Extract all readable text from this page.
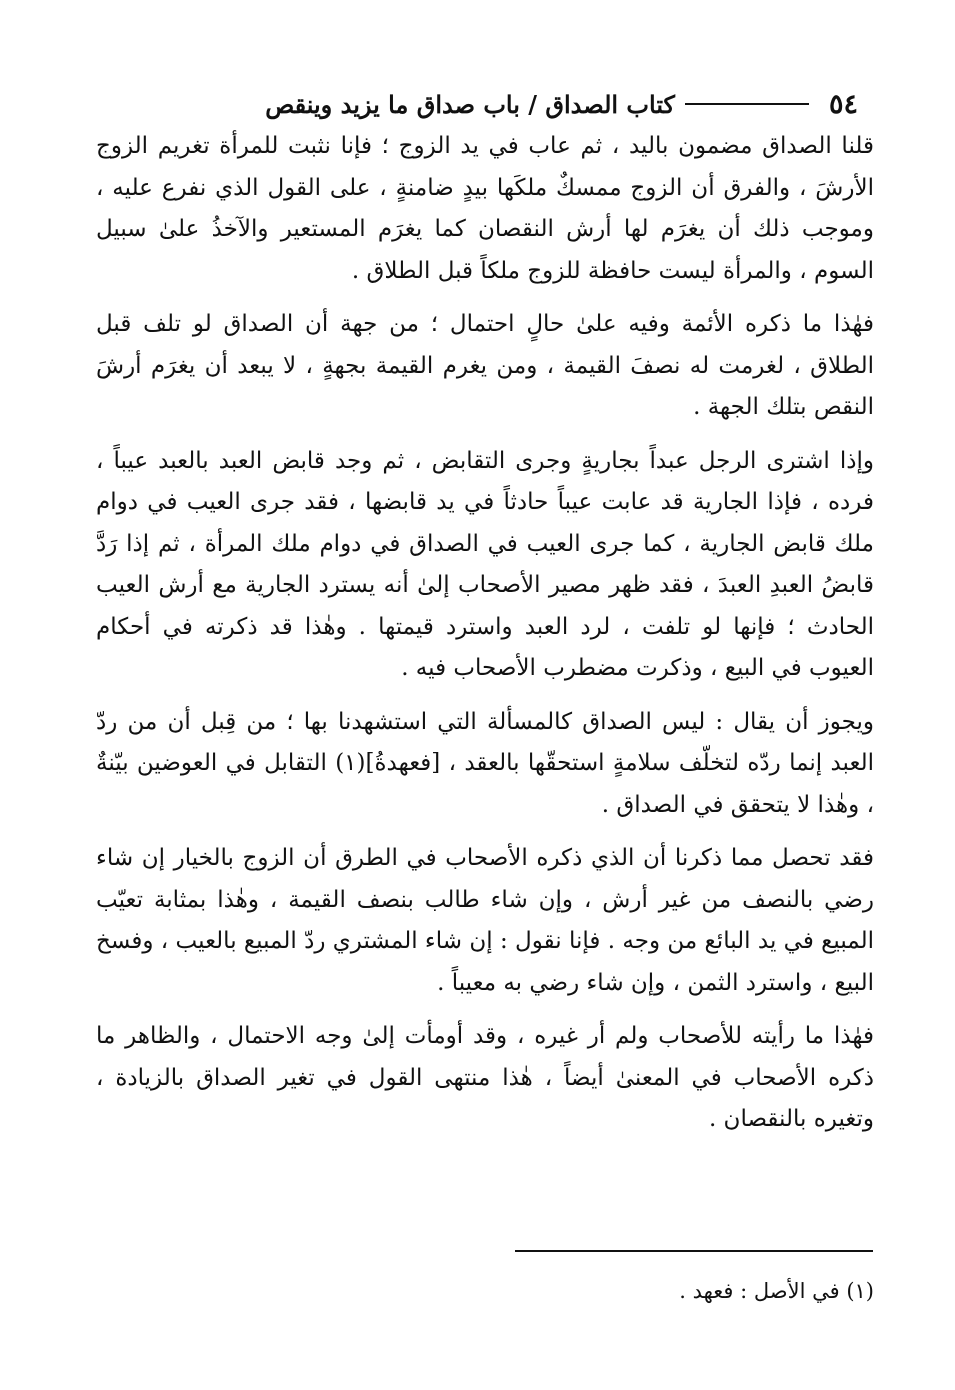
٥٤
كتاب الصداق / باب صداق ما يزيد وينقص

قلنا الصداق مضمون باليد ، ثم عاب في يد الزوج ؛ فإنا نثبت للمرأة تغريم الزوج الأرشَ ، والفرق أن الزوج ممسكٌ ملكَها بيدٍ ضامنةٍ ، على القول الذي نفرع عليه ، وموجب ذلك أن يغرَم لها أرش النقصان كما يغرَم المستعير والآخذُ علىٰ سبيل السوم ، والمرأة ليست حافظة للزوج ملكاً قبل الطلاق .

فهٰذا ما ذكره الأئمة وفيه علىٰ حالٍ احتمال ؛ من جهة أن الصداق لو تلف قبل الطلاق ، لغرمت له نصفَ القيمة ، ومن يغرم القيمة بجهةٍ ، لا يبعد أن يغرَم أرشَ النقص بتلك الجهة .

وإذا اشترى الرجل عبداً بجاريةٍ وجرى التقابض ، ثم وجد قابض العبد بالعبد عيباً ، فرده ، فإذا الجارية قد عابت عيباً حادثاً في يد قابضها ، فقد جرى العيب في دوام ملك قابض الجارية ، كما جرى العيب في الصداق في دوام ملك المرأة ، ثم إذا رَدَّ قابضُ العبدِ العبدَ ، فقد ظهر مصير الأصحاب إلىٰ أنه يسترد الجارية مع أرش العيب الحادث ؛ فإنها لو تلفت ، لرد العبد واسترد قيمتها . وهٰذا قد ذكرته في أحكام العيوب في البيع ، وذكرت مضطرب الأصحاب فيه .

ويجوز أن يقال : ليس الصداق كالمسألة التي استشهدنا بها ؛ من قِبل أن من ردّ العبد إنما ردّه لتخلّف سلامةٍ استحقّها بالعقد ، [فعهدةُ](١) التقابل في العوضين بيّنةٌ ، وهٰذا لا يتحقق في الصداق .

فقد تحصل مما ذكرنا أن الذي ذكره الأصحاب في الطرق أن الزوج بالخيار إن شاء رضي بالنصف من غير أرش ، وإن شاء طالب بنصف القيمة ، وهٰذا بمثابة تعيّب المبيع في يد البائع من وجه . فإنا نقول : إن شاء المشتري ردّ المبيع بالعيب ، وفسخ البيع ، واسترد الثمن ، وإن شاء رضي به معيباً .

فهٰذا ما رأيته للأصحاب ولم أر غيره ، وقد أومأت إلىٰ وجه الاحتمال ، والظاهر ما ذكره الأصحاب في المعنىٰ أيضاً ، هٰذا منتهى القول في تغير الصداق بالزيادة ، وتغيره بالنقصان .

(١) في الأصل : فعهد .
